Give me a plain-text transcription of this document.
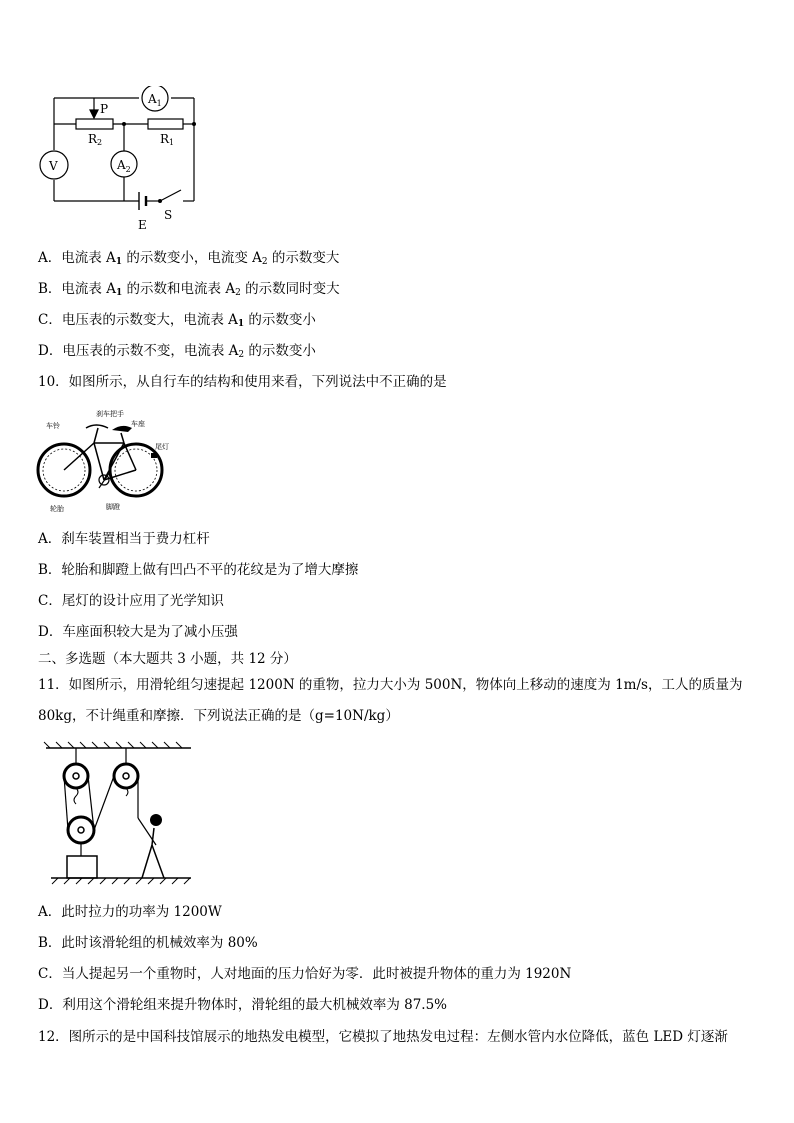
$A_1$
V	$A_2$
P
R2	R1
E
S
A．电流表 $A_1$ 的示数变小，电流变 $A_2$ 的示数变大
B．电流表 $A_1$ 的示数和电流表 $A_2$ 的示数同时变大
C．电压表的示数变大，电流表 $A_1$ 的示数变小
D．电压表的示数不变，电流表 $A_2$ 的示数变小
10．如图所示，从自行车的结构和使用来看，下列说法中不正确的是
车铃
刹车把手
车座
尾灯
轮胎	脚蹬
A．刹车装置相当于费力杠杆
B．轮胎和脚蹬上做有凹凸不平的花纹是为了增大摩擦
C．尾灯的设计应用了光学知识
D．车座面积较大是为了减小压强
二、多选题（本大题共 3 小题，共 12 分）
11．如图所示，用滑轮组匀速提起 1200N 的重物，拉力大小为 500N，物体向上移动的速度为 1m/s，工人的质量为
80kg，不计绳重和摩擦．下列说法正确的是（g=10N/kg）
A．此时拉力的功率为 1200W
B．此时该滑轮组的机械效率为 80%
C．当人提起另一个重物时，人对地面的压力恰好为零．此时被提升物体的重力为 1920N
D．利用这个滑轮组来提升物体时，滑轮组的最大机械效率为 87.5%
12．图所示的是中国科技馆展示的地热发电模型，它模拟了地热发电过程：左侧水管内水位降低，蓝色 LED 灯逐渐
